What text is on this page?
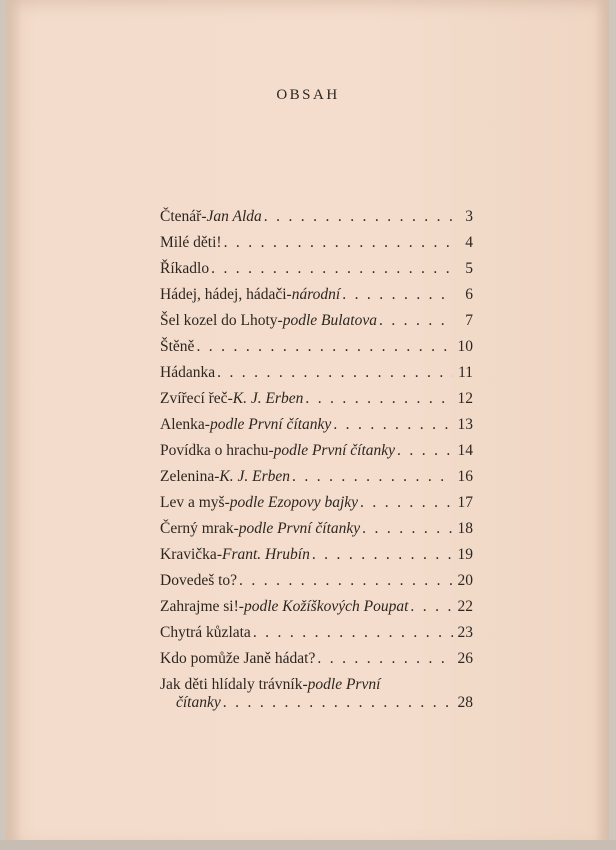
OBSAH
Čtenář - Jan Alda . . .	3
Milé děti! . . .	4
Říkadlo . . .	5
Hádej, hádej, hádači - národní . . .	6
Šel kozel do Lhoty - podle Bulatova . . .	7
Štěně . . .	10
Hádanka . . .	11
Zvířecí řeč - K. J. Erben . . .	12
Alenka - podle První čítanky . . .	13
Povídka o hrachu - podle První čítanky . . .	14
Zelenina - K. J. Erben . . .	16
Lev a myš - podle Ezopovy bajky . . .	17
Černý mrak - podle První čítanky . . .	18
Kravička - Frant. Hrubín . . .	19
Dovedeš to? . . .	20
Zahrajme si! - podle Kožíškových Poupat . . .	22
Chytrá kůzlata . . .	23
Kdo pomůže Janě hádat? . . .	26
Jak děti hlídaly trávník - podle První
čítanky . . .	28
